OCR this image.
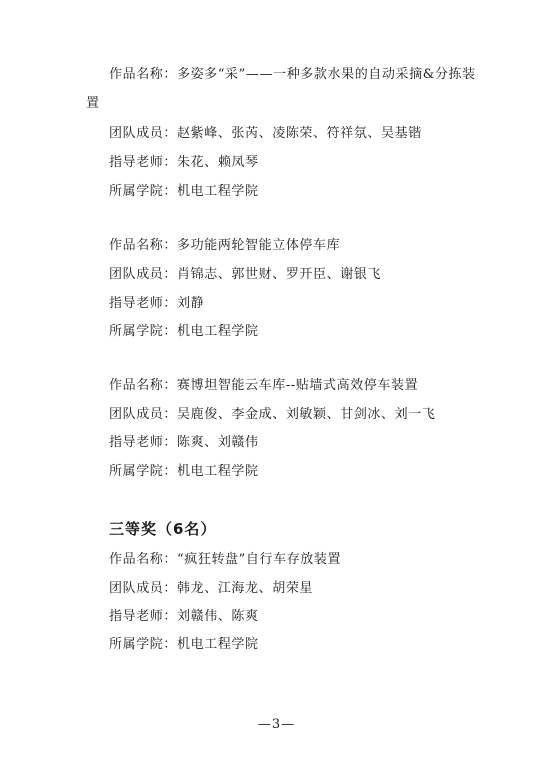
作品名称：多姿多“采”——一种多款水果的自动采摘&分拣装
置
团队成员：赵紫峰、张芮、凌陈荣、符祥氛、吴基锴
指导老师：朱花、赖凤琴
所属学院：机电工程学院
作品名称：多功能两轮智能立体停车库
团队成员：肖锦志、郭世财、罗开臣、谢银飞
指导老师：刘静
所属学院：机电工程学院
作品名称：赛博坦智能云车库--贴墙式高效停车装置
团队成员：吴鹿俊、李金成、刘敏颖、甘剑冰、刘一飞
指导老师：陈爽、刘赣伟
所属学院：机电工程学院
三等奖（6名）
作品名称：“疯狂转盘”自行车存放装置
团队成员：韩龙、江海龙、胡荣星
指导老师：刘赣伟、陈爽
所属学院：机电工程学院
—3—
